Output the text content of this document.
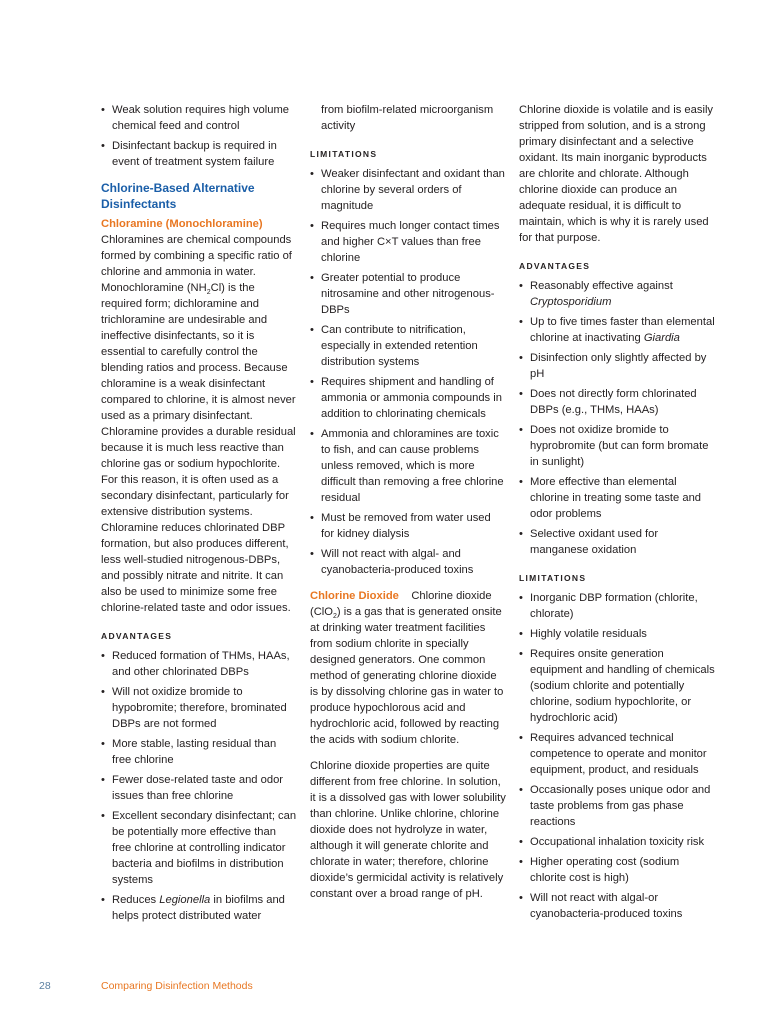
• Weak solution requires high volume chemical feed and control
• Disinfectant backup is required in event of treatment system failure
Chlorine-Based Alternative Disinfectants
Chloramine (Monochloramine)

Chloramines are chemical compounds formed by combining a specific ratio of chlorine and ammonia in water. Monochloramine $(NH_2Cl)$ is the required form; dichloramine and trichloramine are undesirable and ineffective disinfectants, so it is essential to carefully control the blending ratios and process. Because chloramine is a weak disinfectant compared to chlorine, it is almost never used as a primary disinfectant. Chloramine provides a durable residual because it is much less reactive than chlorine gas or sodium hypochlorite. For this reason, it is often used as a secondary disinfectant, particularly for extensive distribution systems. Chloramine reduces chlorinated DBP formation, but also produces different, less well-studied nitrogenous-DBPs, and possibly nitrate and nitrite. It can also be used to minimize some free chlorine-related taste and odor issues.

ADVANTAGES
• Reduced formation of THMs, HAAs, and other chlorinated DBPs
• Will not oxidize bromide to hypobromite; therefore, brominated DBPs are not formed
• More stable, lasting residual than free chlorine
• Fewer dose-related taste and odor issues than free chlorine
• Excellent secondary disinfectant; can be potentially more effective than free chlorine at controlling indicator bacteria and biofilms in distribution systems
• Reduces Legionella in biofilms and helps protect distributed water

from biofilm-related microorganism activity

LIMITATIONS
• Weaker disinfectant and oxidant than chlorine by several orders of magnitude
• Requires much longer contact times and higher C×T values than free chlorine
• Greater potential to produce nitrosamine and other nitrogenous-DBPs
• Can contribute to nitrification, especially in extended retention distribution systems
• Requires shipment and handling of ammonia or ammonia compounds in addition to chlorinating chemicals
• Ammonia and chloramines are toxic to fish, and can cause problems unless removed, which is more difficult than removing a free chlorine residual
• Must be removed from water used for kidney dialysis
• Will not react with algal- and cyanobacteria-produced toxins

Chlorine Dioxide Chlorine dioxide (ClO$_2$) is a gas that is generated onsite at drinking water treatment facilities from sodium chlorite in specially designed generators. One common method of generating chlorine dioxide is by dissolving chlorine gas in water to produce hypochlorous acid and hydrochloric acid, followed by reacting the acids with sodium chlorite.

Chlorine dioxide properties are quite different from free chlorine. In solution, it is a dissolved gas with lower solubility than chlorine. Unlike chlorine, chlorine dioxide does not hydrolyze in water, although it will generate chlorite and chlorate in water; therefore, chlorine dioxide’s germicidal activity is relatively constant over a broad range of pH.

Chlorine dioxide is volatile and is easily stripped from solution, and is a strong primary disinfectant and a selective oxidant. Its main inorganic byproducts are chlorite and chlorate. Although chlorine dioxide can produce an adequate residual, it is difficult to maintain, which is why it is rarely used for that purpose.

ADVANTAGES
• Reasonably effective against Cryptosporidium
• Up to five times faster than elemental chlorine at inactivating Giardia
• Disinfection only slightly affected by pH
• Does not directly form chlorinated DBPs (e.g., THMs, HAAs)
• Does not oxidize bromide to hyprobromite (but can form bromate in sunlight)
• More effective than elemental chlorine in treating some taste and odor problems
• Selective oxidant used for manganese oxidation
LIMITATIONS
• Inorganic DBP formation (chlorite, chlorate)
• Highly volatile residuals
• Requires onsite generation equipment and handling of chemicals (sodium chlorite and potentially chlorine, sodium hypochlorite, or hydrochloric acid)
• Requires advanced technical competence to operate and monitor equipment, product, and residuals
• Occasionally poses unique odor and taste problems from gas phase reactions
• Occupational inhalation toxicity risk
• Higher operating cost (sodium chlorite cost is high)
• Will not react with algal-or cyanobacteria-produced toxins
28	Comparing Disinfection Methods
